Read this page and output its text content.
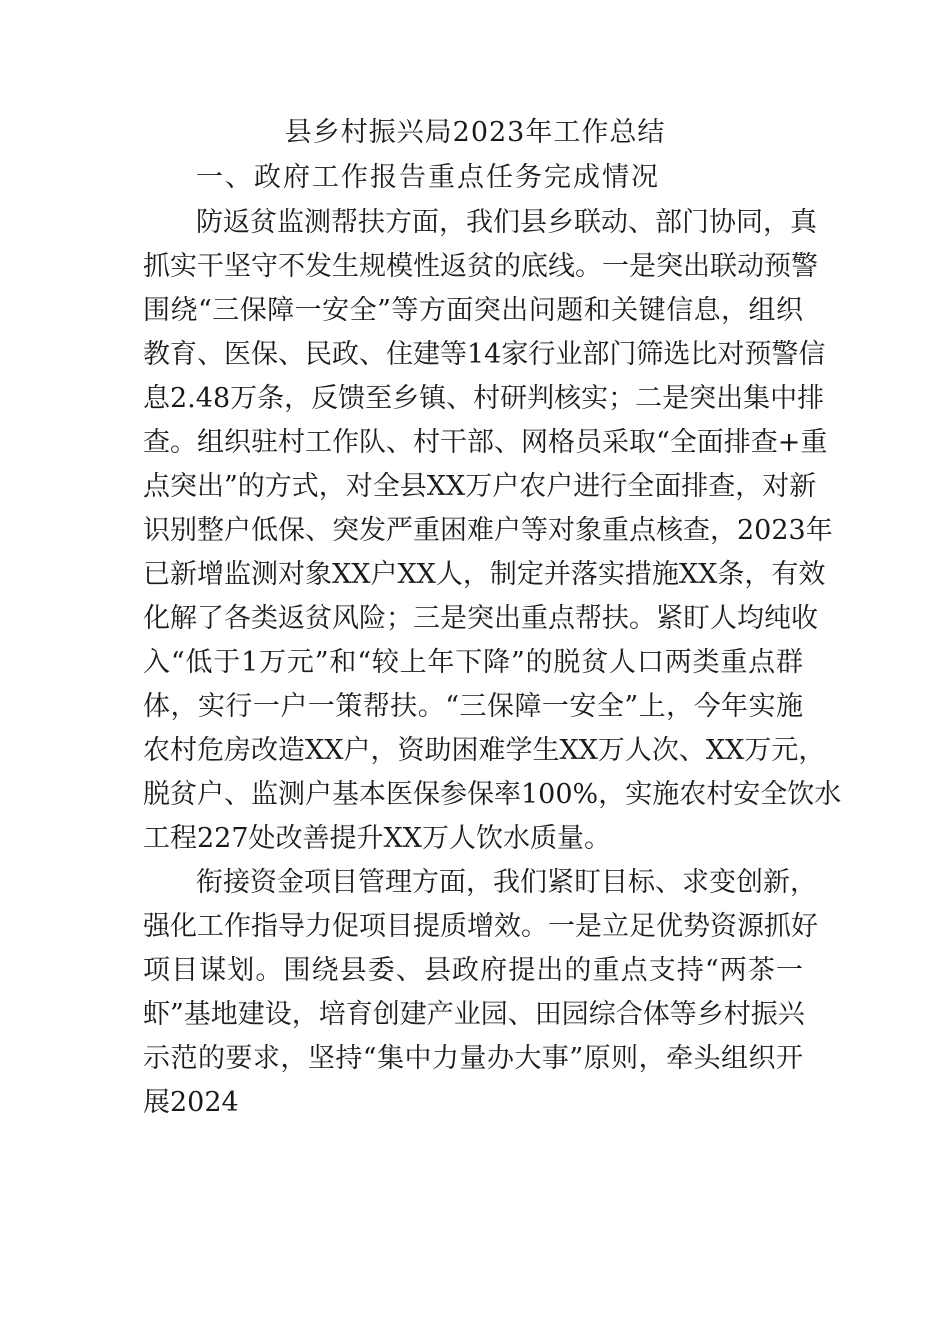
县乡村振兴局2023年工作总结
一、政府工作报告重点任务完成情况
防返贫监测帮扶方面，我们县乡联动、部门协同，真
抓实干坚守不发生规模性返贫的底线。一是突出联动预警
围绕“三保障一安全”等方面突出问题和关键信息，组织
教育、医保、民政、住建等14家行业部门筛选比对预警信
息2.48万条，反馈至乡镇、村研判核实；二是突出集中排
查。组织驻村工作队、村干部、网格员采取“全面排查+重
点突出”的方式，对全县XX万户农户进行全面排查，对新
识别整户低保、突发严重困难户等对象重点核查，2023年
已新增监测对象XX户XX人，制定并落实措施XX条，有效
化解了各类返贫风险；三是突出重点帮扶。紧盯人均纯收
入“低于1万元”和“较上年下降”的脱贫人口两类重点群
体，实行一户一策帮扶。“三保障一安全”上，今年实施
农村危房改造XX户，资助困难学生XX万人次、XX万元，
脱贫户、监测户基本医保参保率100%，实施农村安全饮水
工程227处改善提升XX万人饮水质量。
衔接资金项目管理方面，我们紧盯目标、求变创新，
强化工作指导力促项目提质增效。一是立足优势资源抓好
项目谋划。围绕县委、县政府提出的重点支持“两茶一
虾”基地建设，培育创建产业园、田园综合体等乡村振兴
示范的要求，坚持“集中力量办大事”原则，牵头组织开
展2024
